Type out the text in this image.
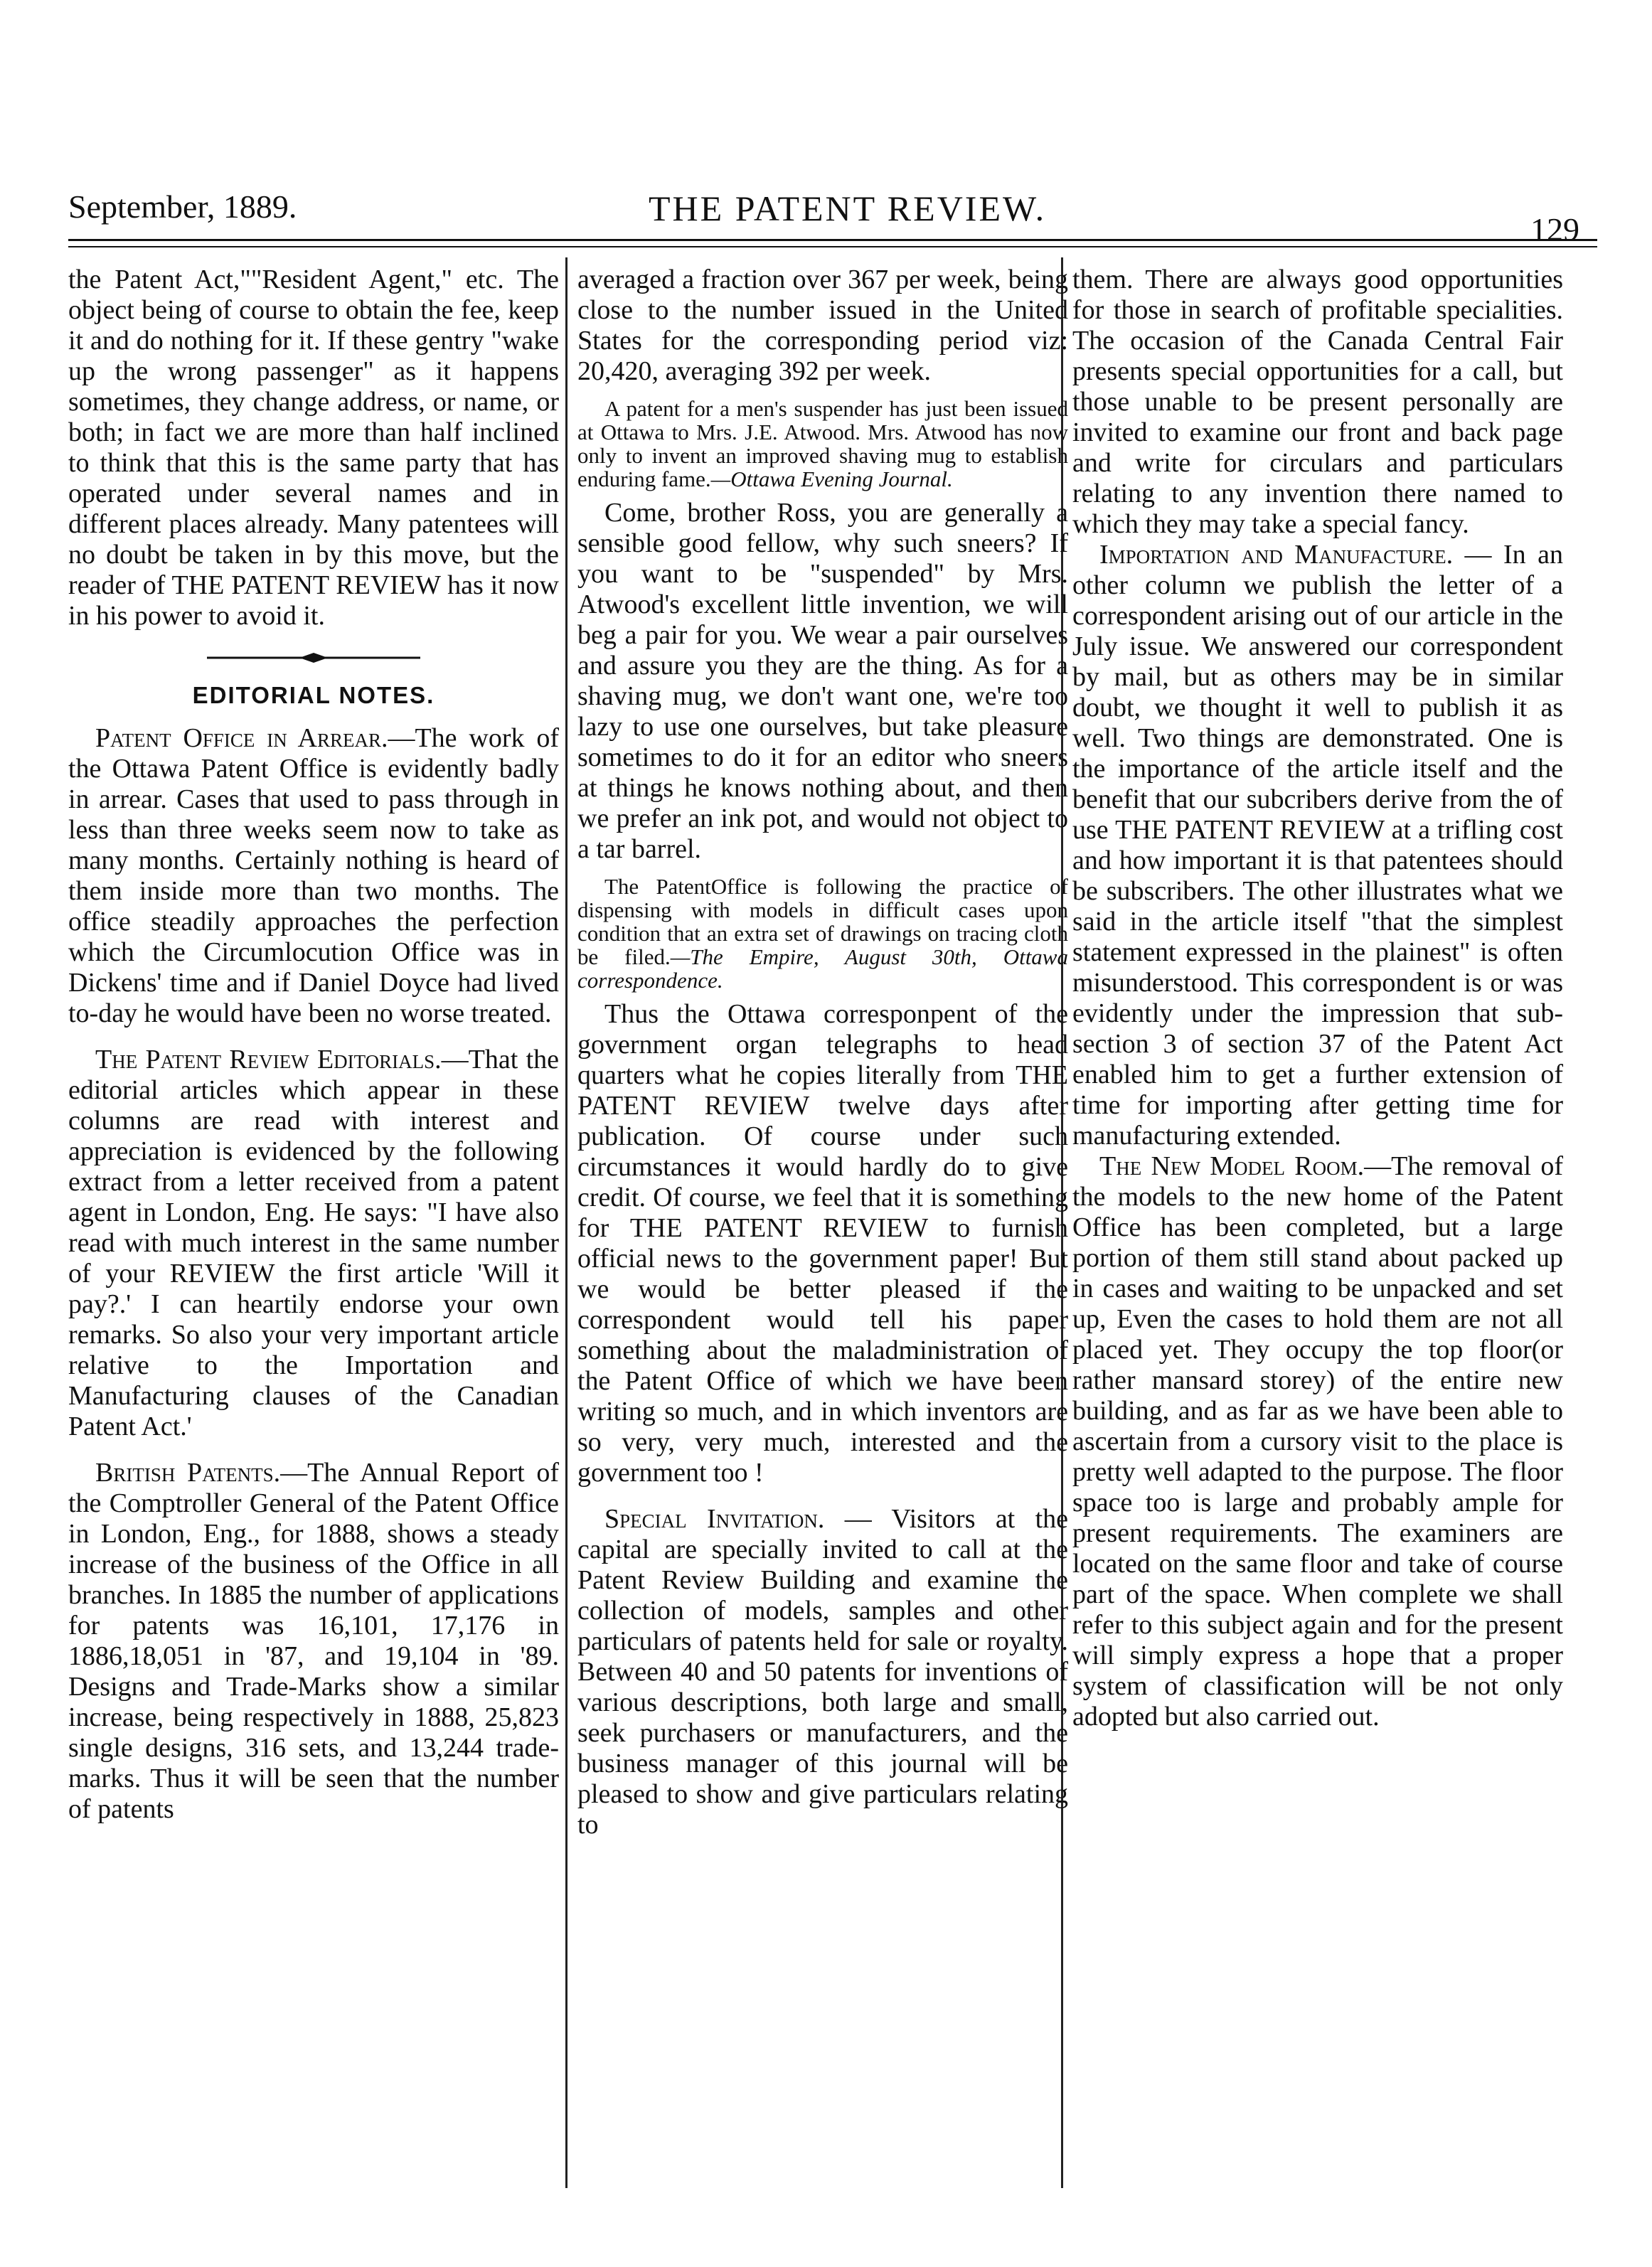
September, 1889.	THE PATENT REVIEW.
129

the Patent Act,""Resident Agent," etc. The object being of course to obtain the fee, keep it and do nothing for it. If these gentry "wake up the wrong passenger" as it happens sometimes, they change address, or name, or both; in fact we are more than half inclined to think that this is the same party that has operated under several names and in different places already. Many patentees will no doubt be taken in by this move, but the reader of THE PATENT REVIEW has it now in his power to avoid it.

EDITORIAL NOTES.

Patent Office in Arrear.—The work of the Ottawa Patent Office is evidently badly in arrear. Cases that used to pass through in less than three weeks seem now to take as many months. Certainly nothing is heard of them inside more than two months. The office steadily approaches the perfection which the Circumlocution Office was in Dickens' time and if Daniel Doyce had lived to-day he would have been no worse treated.

The Patent Review Editorials.—That the editorial articles which appear in these columns are read with interest and appreciation is evidenced by the following extract from a letter received from a patent agent in London, Eng. He says: "I have also read with much interest in the same number of your REVIEW the first article 'Will it pay?.' I can heartily endorse your own remarks. So also your very important article relative to the Importation and Manufacturing clauses of the Canadian Patent Act.'

British Patents.—The Annual Report of the Comptroller General of the Patent Office in London, Eng., for 1888, shows a steady increase of the business of the Office in all branches. In 1885 the number of applications for patents was 16,101, 17,176 in 1886,18,051 in '87, and 19,104 in '89. Designs and Trade-Marks show a similar increase, being respectively in 1888, 25,823 single designs, 316 sets, and 13,244 trade-marks. Thus it will be seen that the number of patents

averaged a fraction over 367 per week, being close to the number issued in the United States for the corresponding period viz: 20,420, averaging 392 per week.

A patent for a men's suspender has just been issued at Ottawa to Mrs. J.E. Atwood. Mrs. Atwood has now only to invent an improved shaving mug to establish enduring fame.—Ottawa Evening Journal.

Come, brother Ross, you are generally a sensible good fellow, why such sneers? If you want to be "suspended" by Mrs. Atwood's excellent little invention, we will beg a pair for you. We wear a pair ourselves and assure you they are the thing. As for a shaving mug, we don't want one, we're too lazy to use one ourselves, but take pleasure sometimes to do it for an editor who sneers at things he knows nothing about, and then we prefer an ink pot, and would not object to a tar barrel.

The PatentOffice is following the practice of dispensing with models in difficult cases upon condition that an extra set of drawings on tracing cloth be filed.—The Empire, August 30th, Ottawa correspondence.

Thus the Ottawa corresponpent of the government organ telegraphs to head quarters what he copies literally from THE PATENT REVIEW twelve days after publication. Of course under such circumstances it would hardly do to give credit. Of course, we feel that it is something for THE PATENT REVIEW to furnish official news to the government paper! But we would be better pleased if the correspondent would tell his paper something about the maladministration of the Patent Office of which we have been writing so much, and in which inventors are so very, very much, interested and the government too !

Special Invitation. — Visitors at the capital are specially invited to call at the Patent Review Building and examine the collection of models, samples and other particulars of patents held for sale or royalty. Between 40 and 50 patents for inventions of various descriptions, both large and small, seek purchasers or manufacturers, and the business manager of this journal will be pleased to show and give particulars relating to

them. There are always good opportunities for those in search of profitable specialities. The occasion of the Canada Central Fair presents special opportunities for a call, but those unable to be present personally are invited to examine our front and back page and write for circulars and particulars relating to any invention there named to which they may take a special fancy.

Importation and Manufacture. — In an other column we publish the letter of a correspondent arising out of our article in the July issue. We answered our correspondent by mail, but as others may be in similar doubt, we thought it well to publish it as well. Two things are demonstrated. One is the importance of the article itself and the benefit that our subcribers derive from the of use THE PATENT REVIEW at a trifling cost and how important it is that patentees should be subscribers. The other illustrates what we said in the article itself "that the simplest statement expressed in the plainest" is often misunderstood. This correspondent is or was evidently under the impression that sub-section 3 of section 37 of the Patent Act enabled him to get a further extension of time for importing after getting time for manufacturing extended.

The New Model Room.—The removal of the models to the new home of the Patent Office has been completed, but a large portion of them still stand about packed up in cases and waiting to be unpacked and set up, Even the cases to hold them are not all placed yet. They occupy the top floor(or rather mansard storey) of the entire new building, and as far as we have been able to ascertain from a cursory visit to the place is pretty well adapted to the purpose. The floor space too is large and probably ample for present requirements. The examiners are located on the same floor and take of course part of the space. When complete we shall refer to this subject again and for the present will simply express a hope that a proper system of classification will be not only adopted but also carried out.
